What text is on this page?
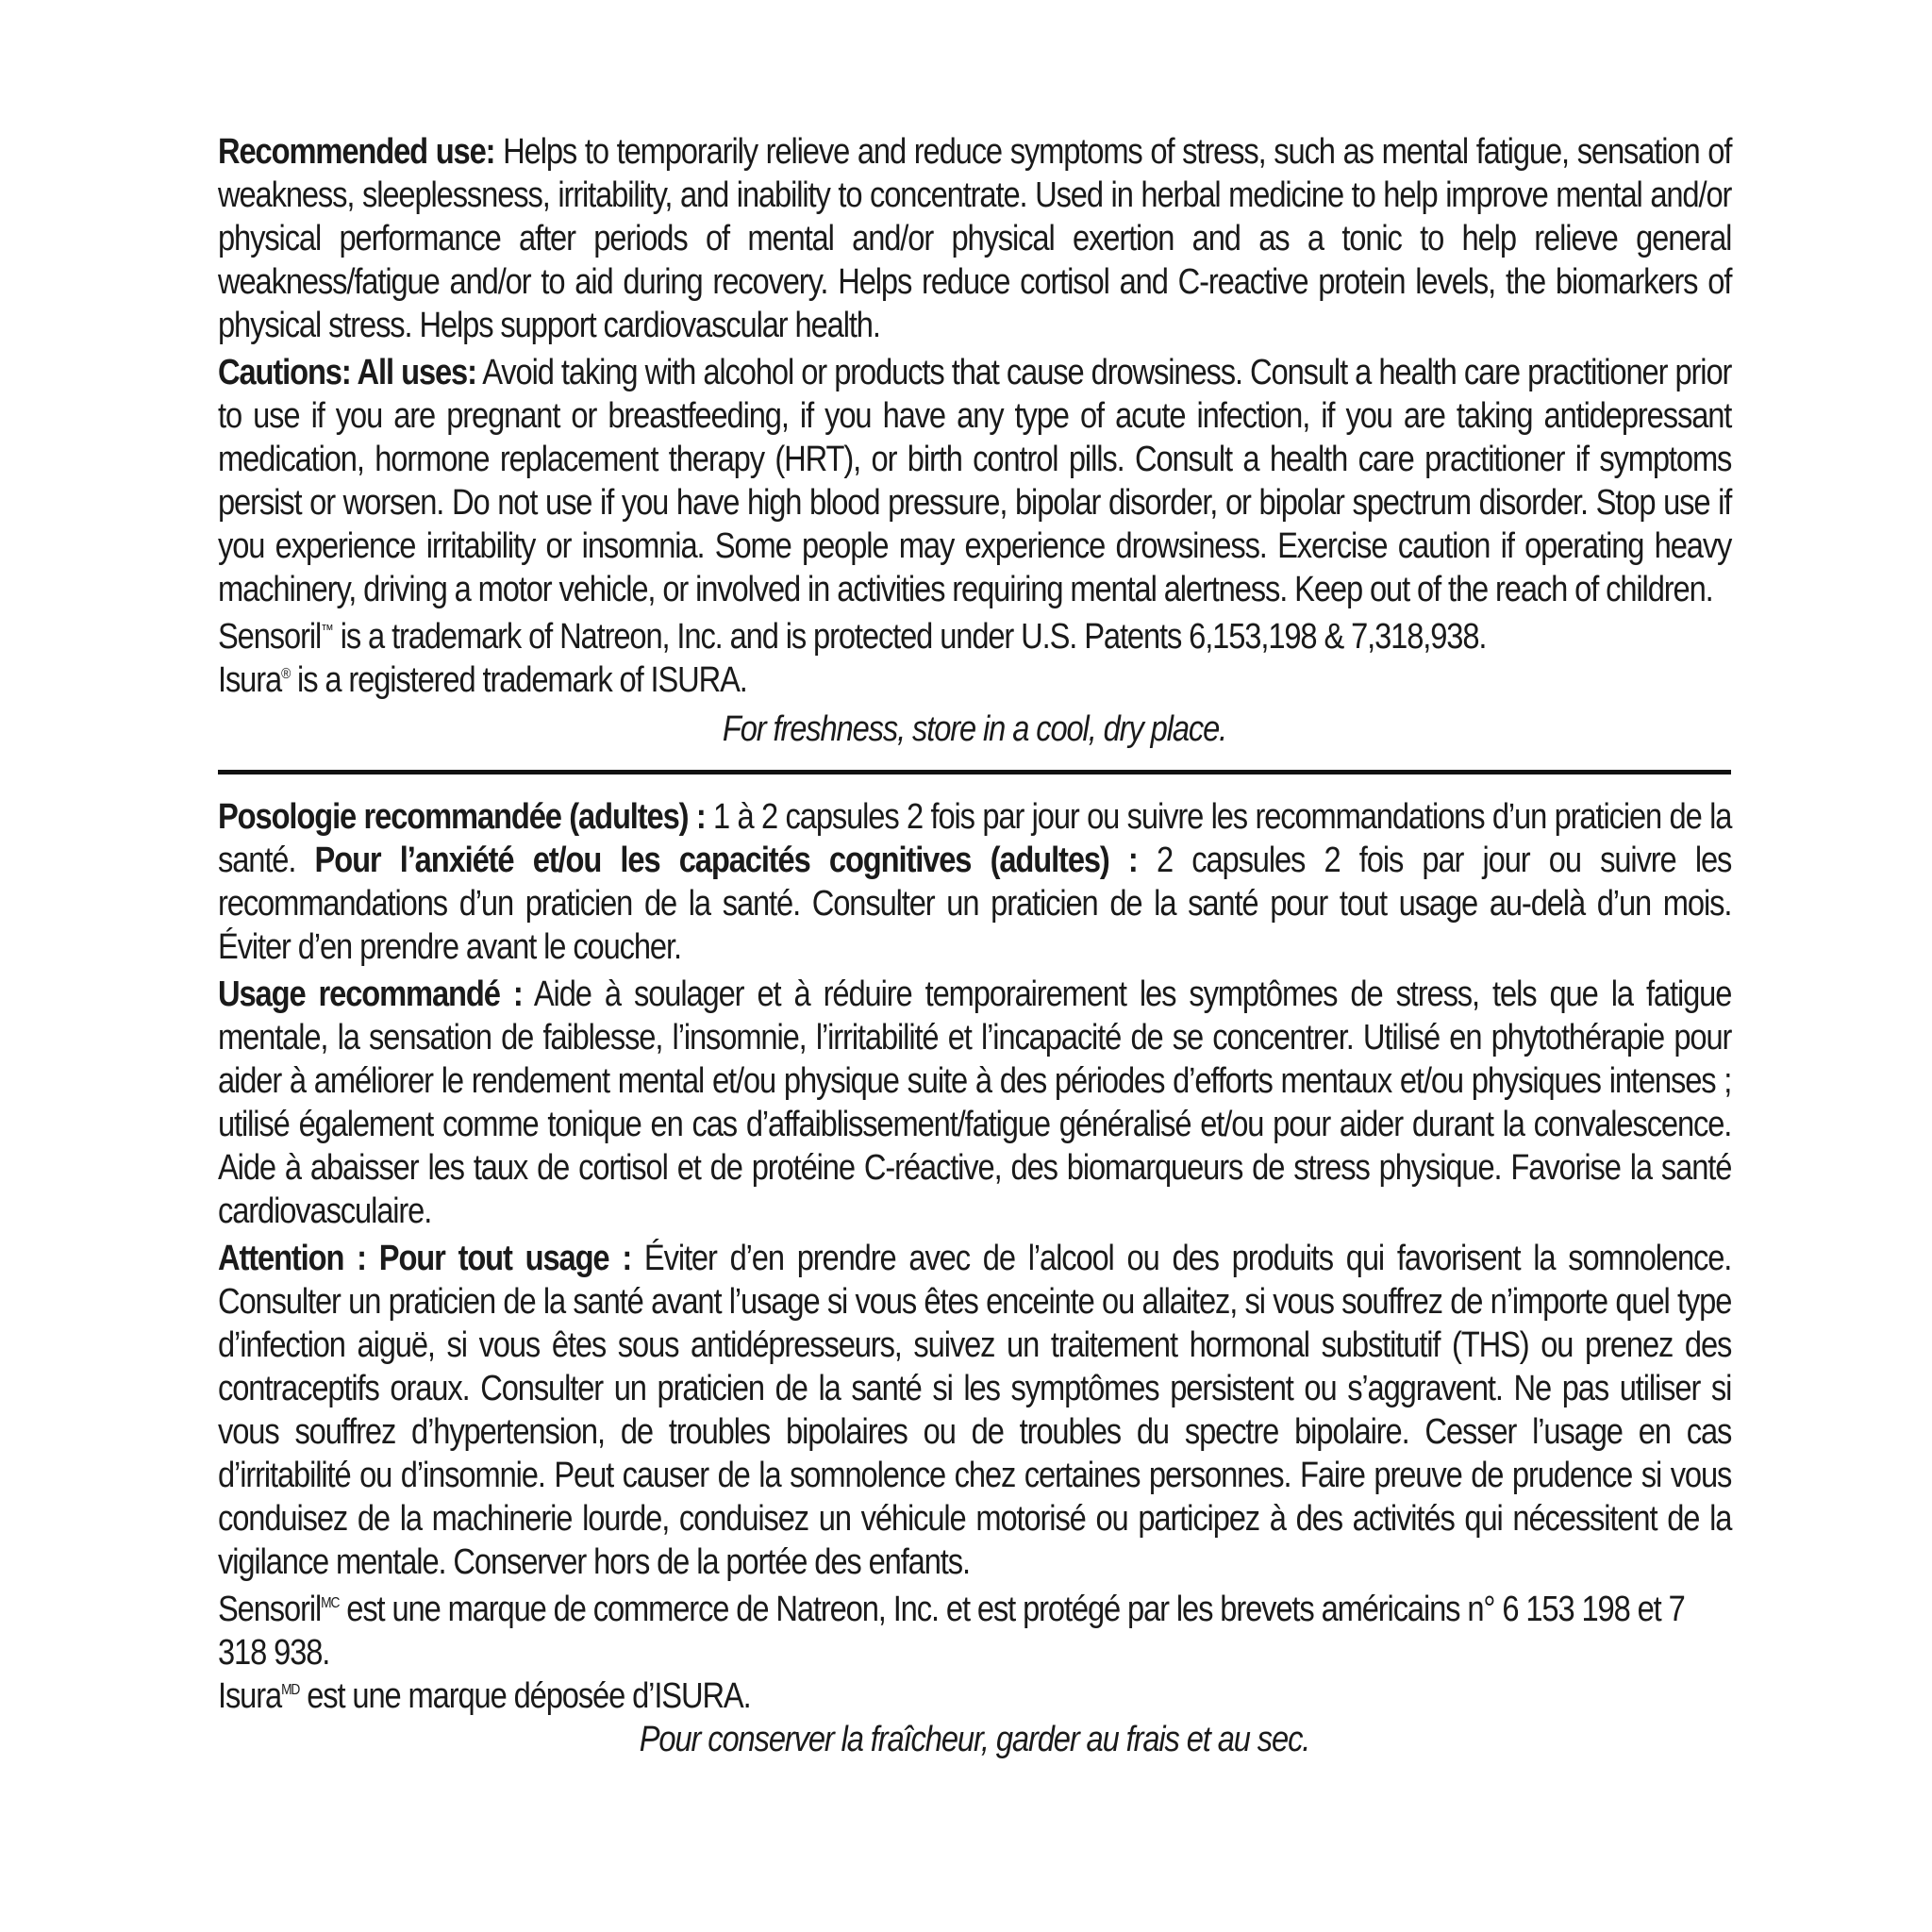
Recommended use: Helps to temporarily relieve and reduce symptoms of stress, such as mental fatigue, sensation of weakness, sleeplessness, irritability, and inability to concentrate. Used in herbal medicine to help improve mental and/or physical performance after periods of mental and/or physical exertion and as a tonic to help relieve general weakness/fatigue and/or to aid during recovery. Helps reduce cortisol and C-reactive protein levels, the biomarkers of physical stress. Helps support cardiovascular health.

Cautions: All uses: Avoid taking with alcohol or products that cause drowsiness. Consult a health care practitioner prior to use if you are pregnant or breastfeeding, if you have any type of acute infection, if you are taking antidepressant medication, hormone replacement therapy (HRT), or birth control pills. Consult a health care practitioner if symptoms persist or worsen. Do not use if you have high blood pressure, bipolar disorder, or bipolar spectrum disorder. Stop use if you experience irritability or insomnia. Some people may experience drowsiness. Exercise caution if operating heavy machinery, driving a motor vehicle, or involved in activities requiring mental alertness. Keep out of the reach of children.

Sensoril™ is a trademark of Natreon, Inc. and is protected under U.S. Patents 6,153,198 & 7,318,938.

Isura® is a registered trademark of ISURA.

For freshness, store in a cool, dry place.

Posologie recommandée (adultes) : 1 à 2 capsules 2 fois par jour ou suivre les recommandations d’un praticien de la santé. Pour l’anxiété et/ou les capacités cognitives (adultes) : 2 capsules 2 fois par jour ou suivre les recommandations d’un praticien de la santé. Consulter un praticien de la santé pour tout usage au-delà d’un mois. Éviter d’en prendre avant le coucher.

Usage recommandé : Aide à soulager et à réduire temporairement les symptômes de stress, tels que la fatigue mentale, la sensation de faiblesse, l’insomnie, l’irritabilité et l’incapacité de se concentrer. Utilisé en phytothérapie pour aider à améliorer le rendement mental et/ou physique suite à des périodes d’efforts mentaux et/ou physiques intenses ; utilisé également comme tonique en cas d’affaiblissement/fatigue généralisé et/ou pour aider durant la convalescence. Aide à abaisser les taux de cortisol et de protéine C-réactive, des biomarqueurs de stress physique. Favorise la santé cardiovasculaire.

Attention : Pour tout usage : Éviter d’en prendre avec de l’alcool ou des produits qui favorisent la somnolence. Consulter un praticien de la santé avant l’usage si vous êtes enceinte ou allaitez, si vous souffrez de n’importe quel type d’infection aiguë, si vous êtes sous antidépresseurs, suivez un traitement hormonal substitutif (THS) ou prenez des contraceptifs oraux. Consulter un praticien de la santé si les symptômes persistent ou s’aggravent. Ne pas utiliser si vous souffrez d’hypertension, de troubles bipolaires ou de troubles du spectre bipolaire. Cesser l’usage en cas d’irritabilité ou d’insomnie. Peut causer de la somnolence chez certaines personnes. Faire preuve de prudence si vous conduisez de la machinerie lourde, conduisez un véhicule motorisé ou participez à des activités qui nécessitent de la vigilance mentale. Conserver hors de la portée des enfants.

Sensoril$^{MC}$ est une marque de commerce de Natreon, Inc. et est protégé par les brevets américains n° 6 153 198 et 7 318 938.

Isura$^{MD}$ est une marque déposée d’ISURA.

Pour conserver la fraîcheur, garder au frais et au sec.
